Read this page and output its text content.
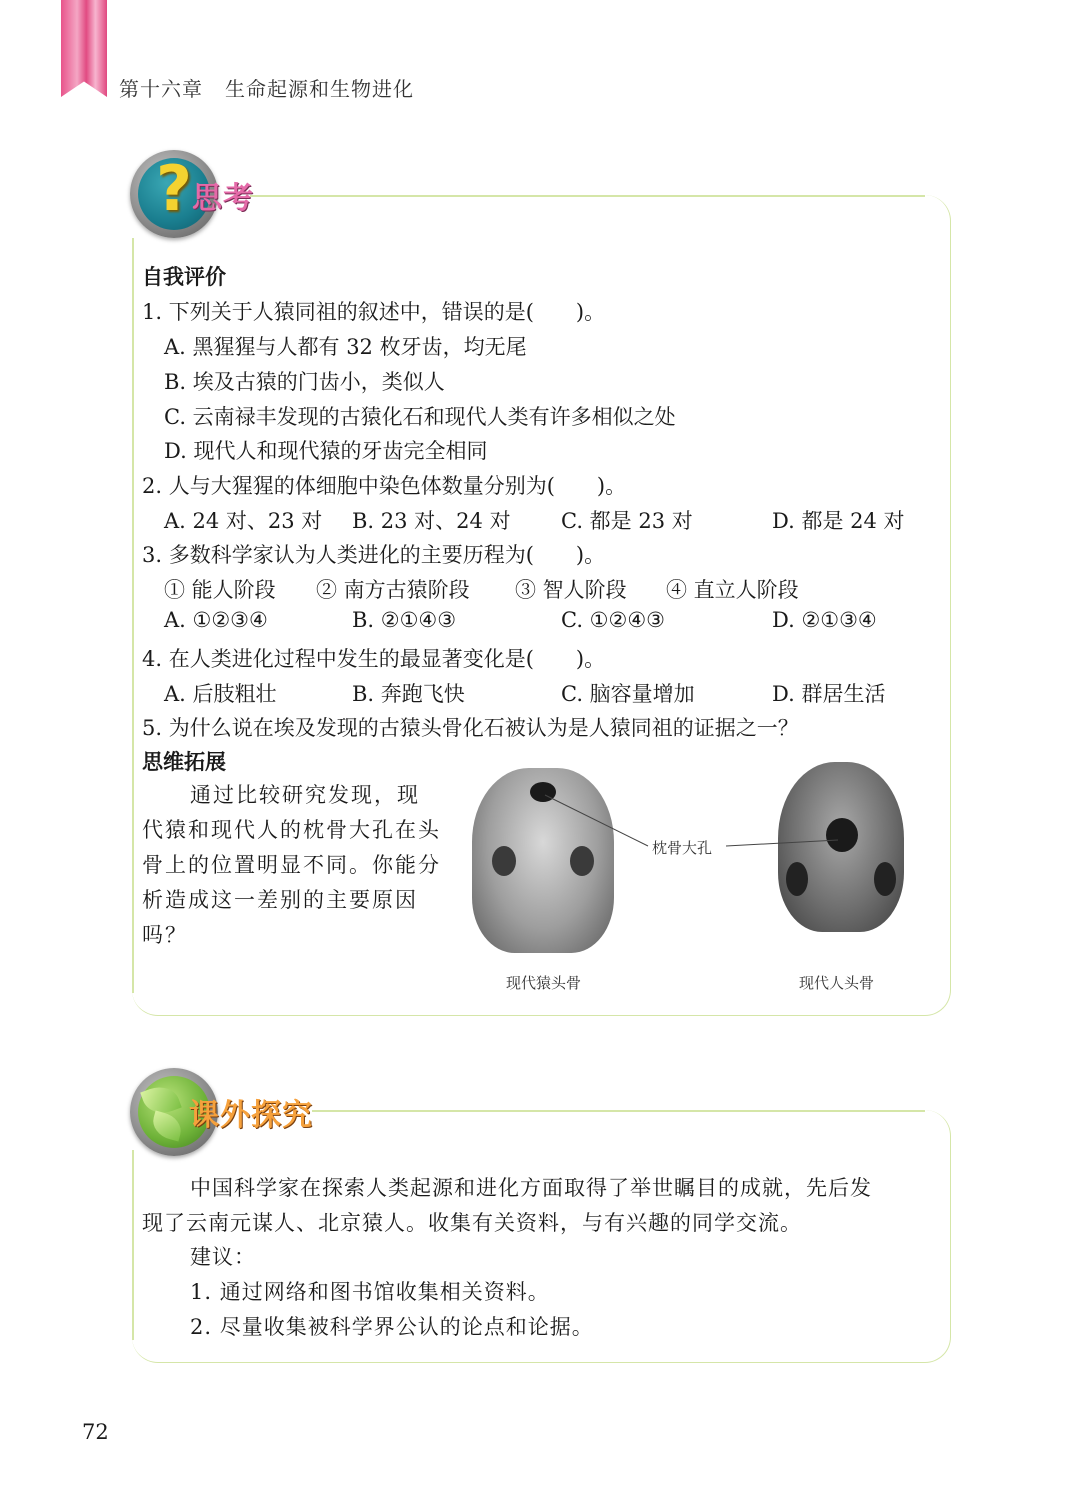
第十六章 生命起源和生物进化
? 思考
自我评价
1. 下列关于人猿同祖的叙述中，错误的是(　　)。
A. 黑猩猩与人都有 32 枚牙齿，均无尾
B. 埃及古猿的门齿小，类似人
C. 云南禄丰发现的古猿化石和现代人类有许多相似之处
D. 现代人和现代猿的牙齿完全相同
2. 人与大猩猩的体细胞中染色体数量分别为(　　)。
A. 24 对、23 对 B. 23 对、24 对 C. 都是 23 对	D. 都是 24 对
3. 多数科学家认为人类进化的主要历程为(　　)。
① 能人阶段 ② 南方古猿阶段 ③ 智人阶段 ④ 直立人阶段
A. ①②③④	B. ②①④③	C. ①②④③	D. ②①③④
4. 在人类进化过程中发生的最显著变化是(　　)。
A. 后肢粗壮	B. 奔跑飞快	C. 脑容量增加	D. 群居生活
5. 为什么说在埃及发现的古猿头骨化石被认为是人猿同祖的证据之一？
思维拓展
通过比较研究发现，现代猿和现代人的枕骨大孔在头骨上的位置明显不同。你能分析造成这一差别的主要原因吗？
枕骨大孔
现代猿头骨	现代人头骨
课外探究
中国科学家在探索人类起源和进化方面取得了举世瞩目的成就，先后发
现了云南元谋人、北京猿人。收集有关资料，与有兴趣的同学交流。
建议：
1. 通过网络和图书馆收集相关资料。
2. 尽量收集被科学界公认的论点和论据。
72
